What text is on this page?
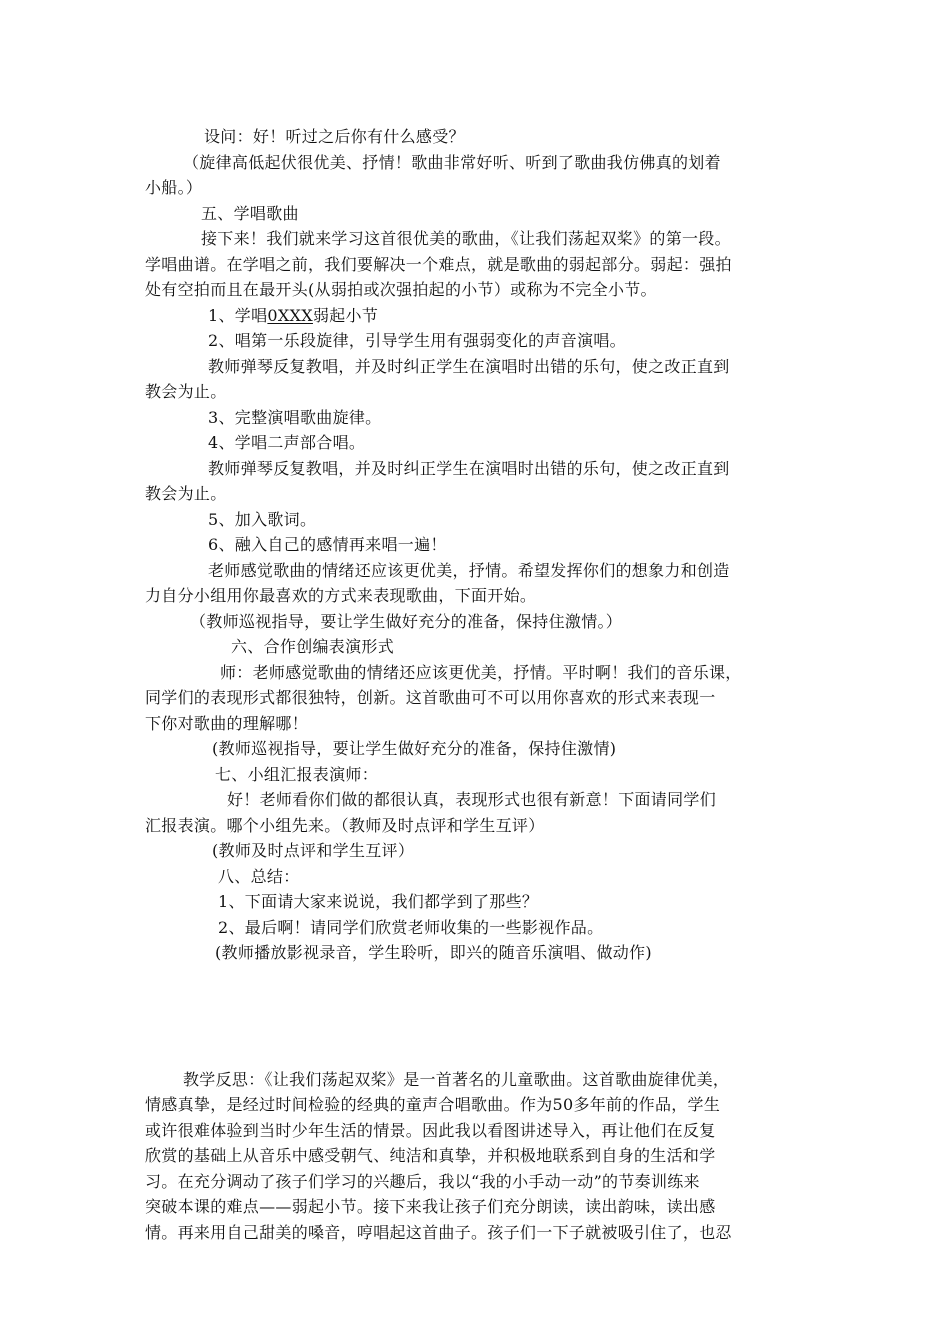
设问：好！听过之后你有什么感受？
（旋律高低起伏很优美、抒情！歌曲非常好听、听到了歌曲我仿佛真的划着
小船。）
五、学唱歌曲
接下来！我们就来学习这首很优美的歌曲，《让我们荡起双桨》的第一段。
学唱曲谱。在学唱之前，我们要解决一个难点，就是歌曲的弱起部分。弱起：强拍
处有空拍而且在最开头(从弱拍或次强拍起的小节）或称为不完全小节。
1、学唱0XXX弱起小节
2、唱第一乐段旋律，引导学生用有强弱变化的声音演唱。
教师弹琴反复教唱，并及时纠正学生在演唱时出错的乐句，使之改正直到
教会为止。
3、完整演唱歌曲旋律。
4、学唱二声部合唱。
教师弹琴反复教唱，并及时纠正学生在演唱时出错的乐句，使之改正直到
教会为止。
5、加入歌词。
6、融入自己的感情再来唱一遍！
老师感觉歌曲的情绪还应该更优美，抒情。希望发挥你们的想象力和创造
力自分小组用你最喜欢的方式来表现歌曲，下面开始。
（教师巡视指导，要让学生做好充分的准备，保持住激情。）
六、合作创编表演形式
师：老师感觉歌曲的情绪还应该更优美，抒情。平时啊！我们的音乐课，
同学们的表现形式都很独特，创新。这首歌曲可不可以用你喜欢的形式来表现一
下你对歌曲的理解哪！
(教师巡视指导，要让学生做好充分的准备，保持住激情)
七、小组汇报表演师：
好！老师看你们做的都很认真，表现形式也很有新意！下面请同学们
汇报表演。哪个小组先来。（教师及时点评和学生互评）
(教师及时点评和学生互评）
八、总结：
1、下面请大家来说说，我们都学到了那些？
2、最后啊！请同学们欣赏老师收集的一些影视作品。
(教师播放影视录音，学生聆听，即兴的随音乐演唱、做动作)
教学反思：《让我们荡起双桨》是一首著名的儿童歌曲。这首歌曲旋律优美，
情感真挚，是经过时间检验的经典的童声合唱歌曲。作为50多年前的作品，学生
或许很难体验到当时少年生活的情景。因此我以看图讲述导入，再让他们在反复
欣赏的基础上从音乐中感受朝气、纯洁和真挚，并积极地联系到自身的生活和学
习。在充分调动了孩子们学习的兴趣后，我以“我的小手动一动”的节奏训练来
突破本课的难点——弱起小节。接下来我让孩子们充分朗读，读出韵味，读出感
情。再来用自己甜美的嗓音，哼唱起这首曲子。孩子们一下子就被吸引住了，也忍
